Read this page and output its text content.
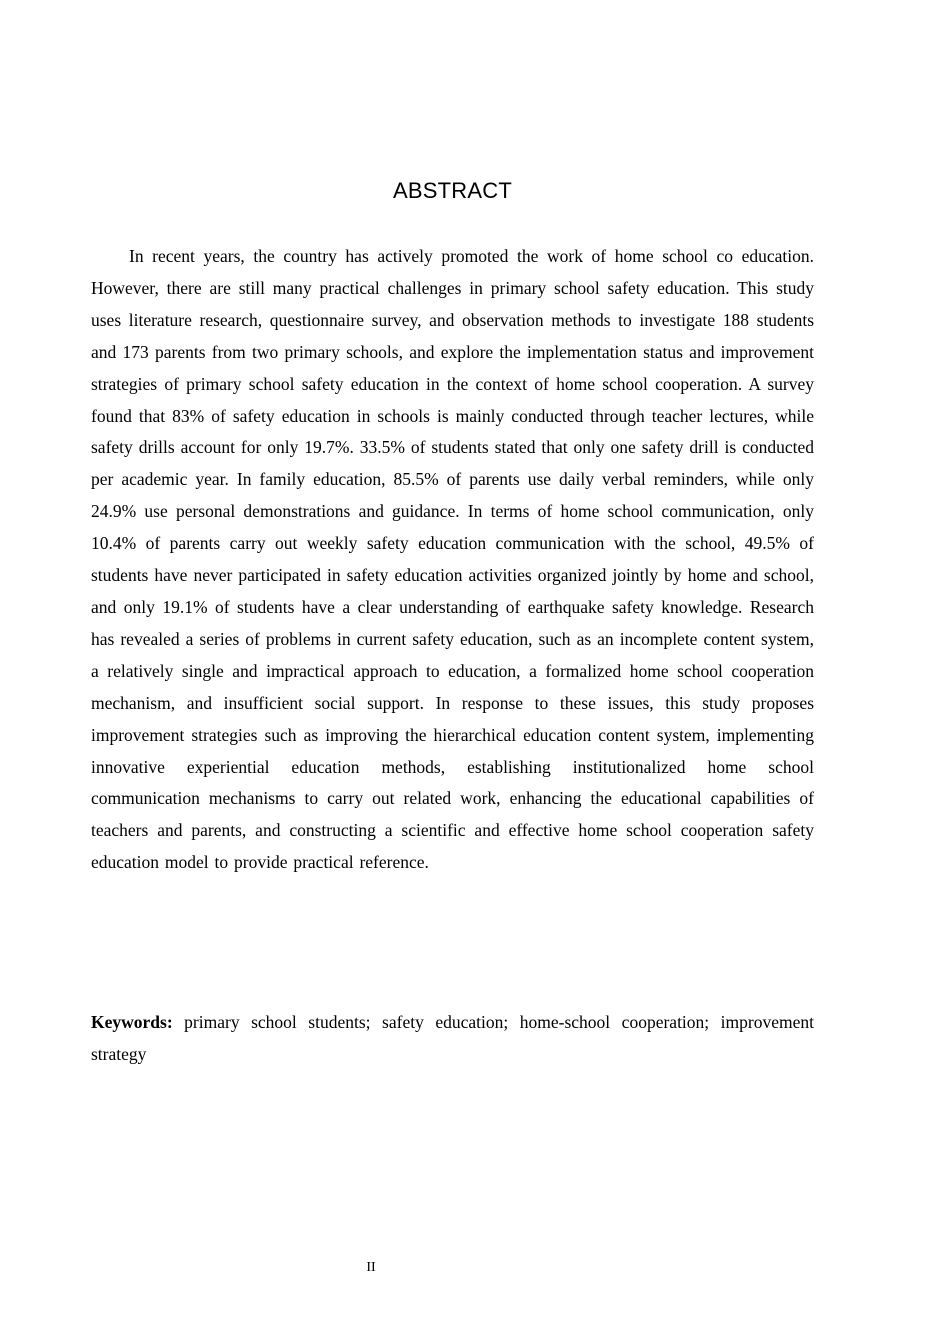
ABSTRACT

In recent years, the country has actively promoted the work of home school co education. However, there are still many practical challenges in primary school safety education. This study uses literature research, questionnaire survey, and observation methods to investigate 188 students and 173 parents from two primary schools, and explore the implementation status and improvement strategies of primary school safety education in the context of home school cooperation. A survey found that 83% of safety education in schools is mainly conducted through teacher lectures, while safety drills account for only 19.7%. 33.5% of students stated that only one safety drill is conducted per academic year. In family education, 85.5% of parents use daily verbal reminders, while only 24.9% use personal demonstrations and guidance. In terms of home school communication, only 10.4% of parents carry out weekly safety education communication with the school, 49.5% of students have never participated in safety education activities organized jointly by home and school, and only 19.1% of students have a clear understanding of earthquake safety knowledge. Research has revealed a series of problems in current safety education, such as an incomplete content system, a relatively single and impractical approach to education, a formalized home school cooperation mechanism, and insufficient social support. In response to these issues, this study proposes improvement strategies such as improving the hierarchical education content system, implementing innovative experiential education methods, establishing institutionalized home school communication mechanisms to carry out related work, enhancing the educational capabilities of teachers and parents, and constructing a scientific and effective home school cooperation safety education model to provide practical reference.

Keywords: primary school students; safety education; home-school cooperation; improvement strategy

II
